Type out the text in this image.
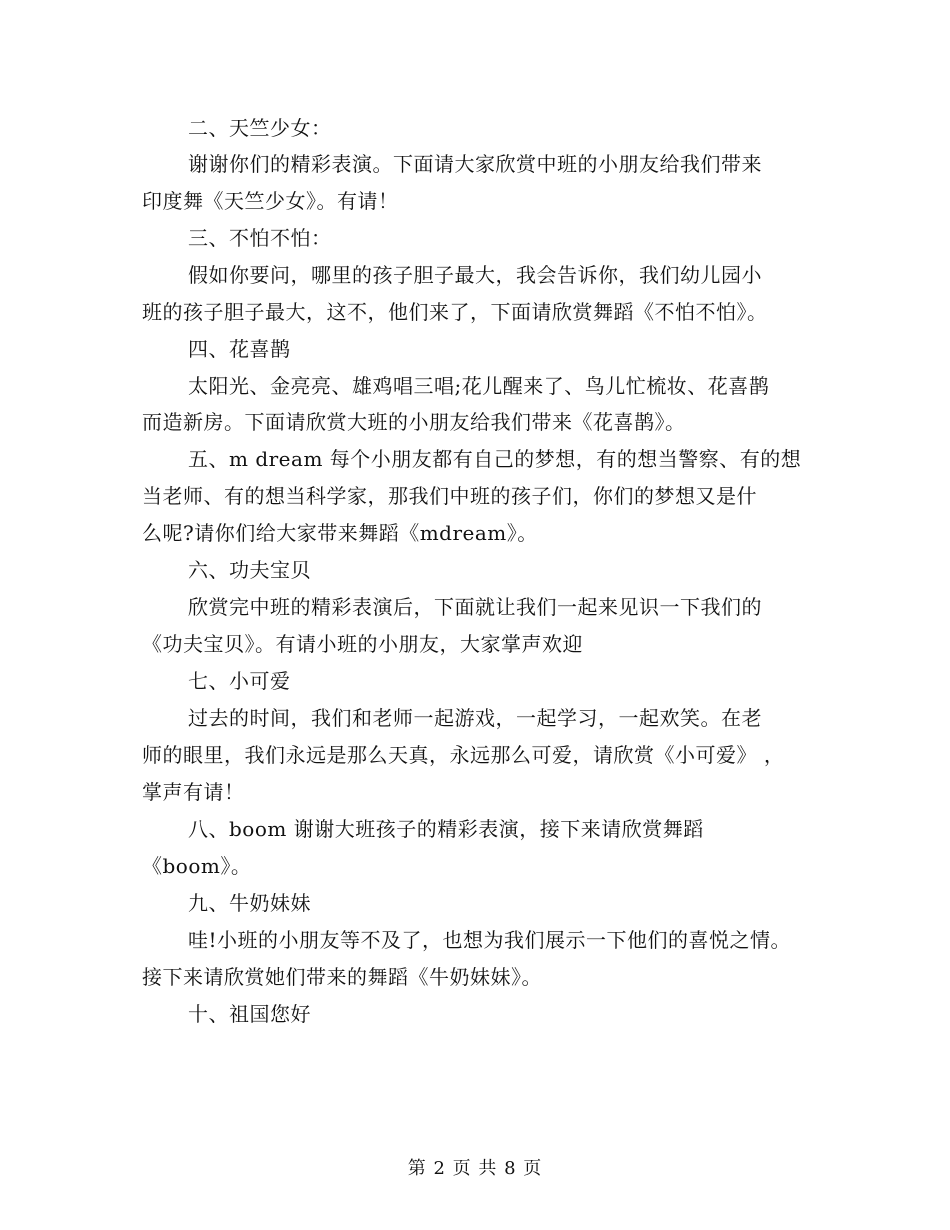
二、天竺少女：
谢谢你们的精彩表演。下面请大家欣赏中班的小朋友给我们带来
印度舞《天竺少女》。有请！
三、不怕不怕：
假如你要问，哪里的孩子胆子最大，我会告诉你，我们幼儿园小
班的孩子胆子最大，这不，他们来了，下面请欣赏舞蹈《不怕不怕》。
四、花喜鹊
太阳光、金亮亮、雄鸡唱三唱;花儿醒来了、鸟儿忙梳妆、花喜鹊
而造新房。下面请欣赏大班的小朋友给我们带来《花喜鹊》。
五、m dream 每个小朋友都有自己的梦想，有的想当警察、有的想
当老师、有的想当科学家，那我们中班的孩子们，你们的梦想又是什
么呢?请你们给大家带来舞蹈《mdream》。
六、功夫宝贝
欣赏完中班的精彩表演后，下面就让我们一起来见识一下我们的
《功夫宝贝》。有请小班的小朋友，大家掌声欢迎
七、小可爱
过去的时间，我们和老师一起游戏，一起学习，一起欢笑。在老
师的眼里，我们永远是那么天真，永远那么可爱，请欣赏《小可爱》 ，
掌声有请！
八、boom 谢谢大班孩子的精彩表演，接下来请欣赏舞蹈
《boom》。
九、牛奶妹妹
哇!小班的小朋友等不及了，也想为我们展示一下他们的喜悦之情。
接下来请欣赏她们带来的舞蹈《牛奶妹妹》。
十、祖国您好
第 2 页 共 8 页
